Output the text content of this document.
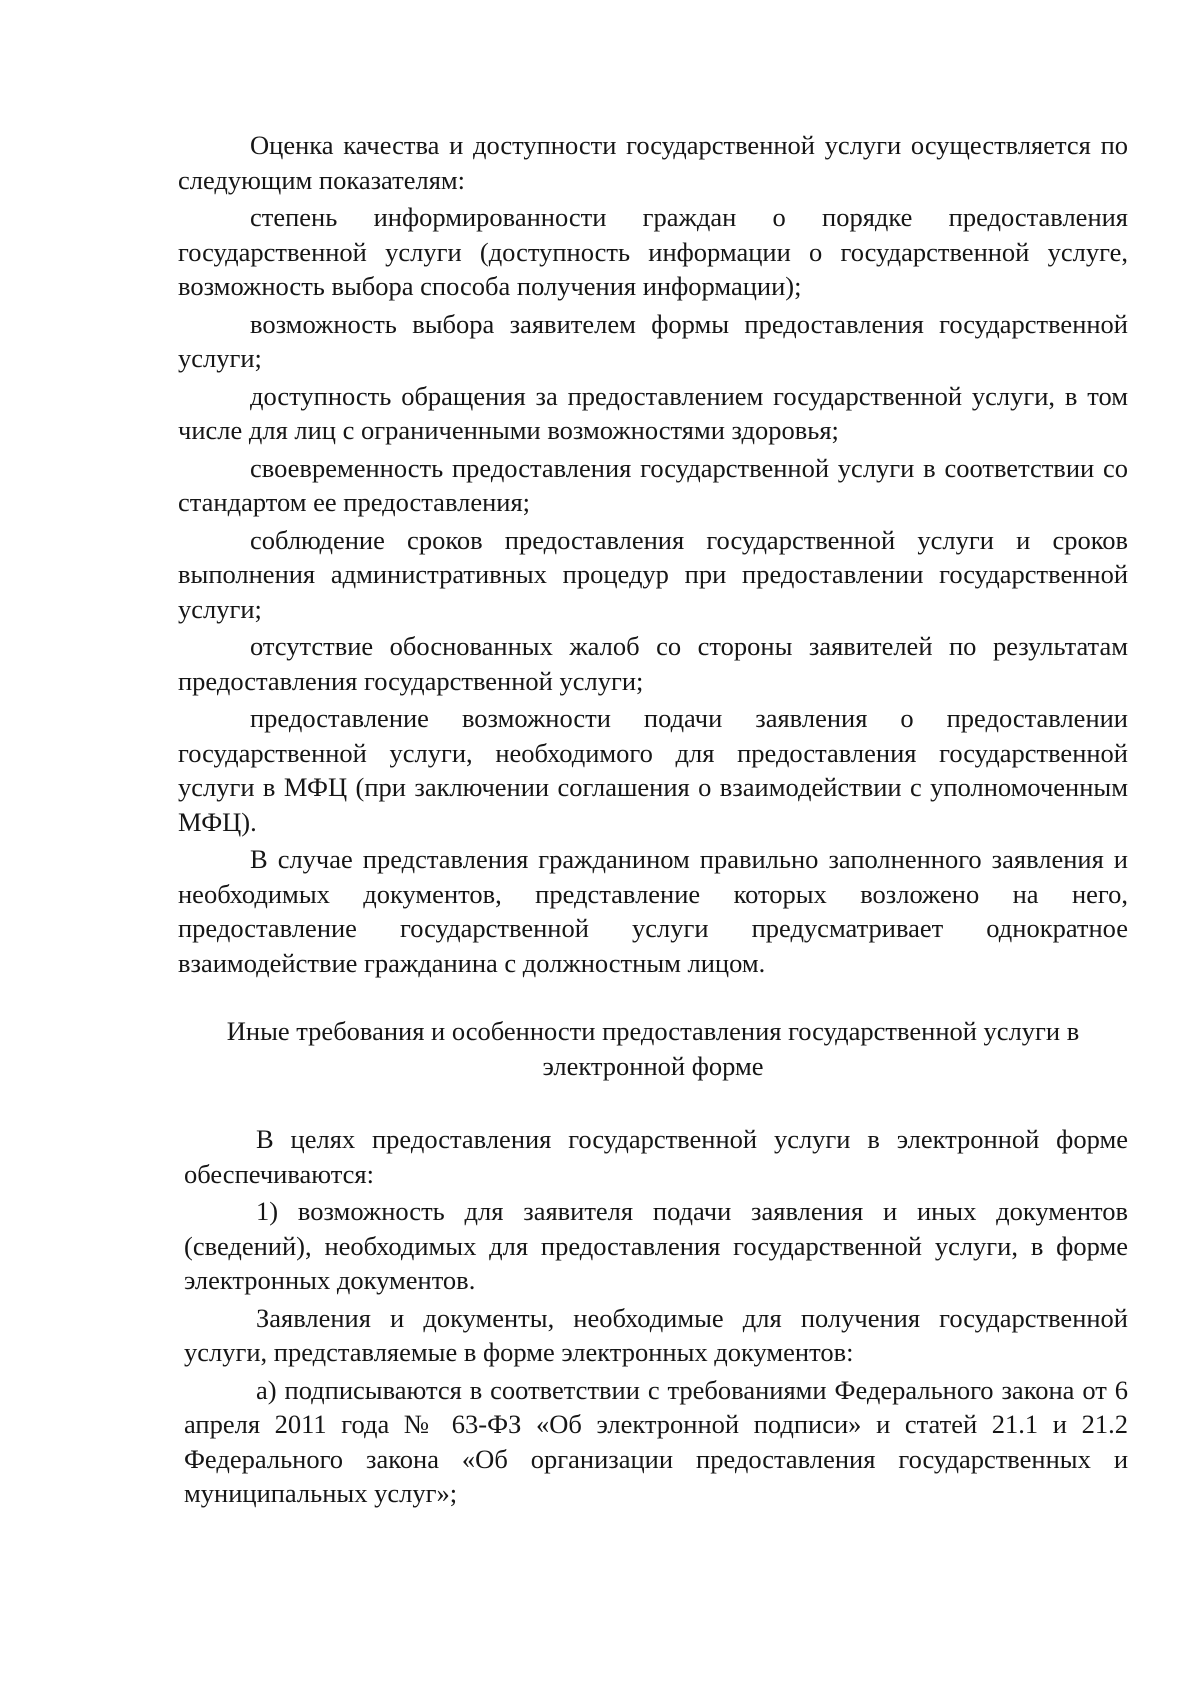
Оценка качества и доступности государственной услуги осуществляется по следующим показателям:

степень информированности граждан о порядке предоставления государственной услуги (доступность информации о государственной услуге, возможность выбора способа получения информации);

возможность выбора заявителем формы предоставления государственной услуги;

доступность обращения за предоставлением государственной услуги, в том числе для лиц с ограниченными возможностями здоровья;

своевременность предоставления государственной услуги в соответствии со стандартом ее предоставления;

соблюдение сроков предоставления государственной услуги и сроков выполнения административных процедур при предоставлении государственной услуги;

отсутствие обоснованных жалоб со стороны заявителей по результатам предоставления государственной услуги;

предоставление возможности подачи заявления о предоставлении государственной услуги, необходимого для предоставления государственной услуги в МФЦ (при заключении соглашения о взаимодействии с уполномоченным МФЦ).

В случае представления гражданином правильно заполненного заявления и необходимых документов, представление которых возложено на него, предоставление государственной услуги предусматривает однократное взаимодействие гражданина с должностным лицом.

Иные требования и особенности предоставления государственной услуги в электронной форме

В целях предоставления государственной услуги в электронной форме обеспечиваются:

1) возможность для заявителя подачи заявления и иных документов (сведений), необходимых для предоставления государственной услуги, в форме электронных документов.

Заявления и документы, необходимые для получения государственной услуги, представляемые в форме электронных документов:

а) подписываются в соответствии с требованиями Федерального закона от 6 апреля 2011 года № 63-ФЗ «Об электронной подписи» и статей 21.1 и 21.2 Федерального закона «Об организации предоставления государственных и муниципальных услуг»;
